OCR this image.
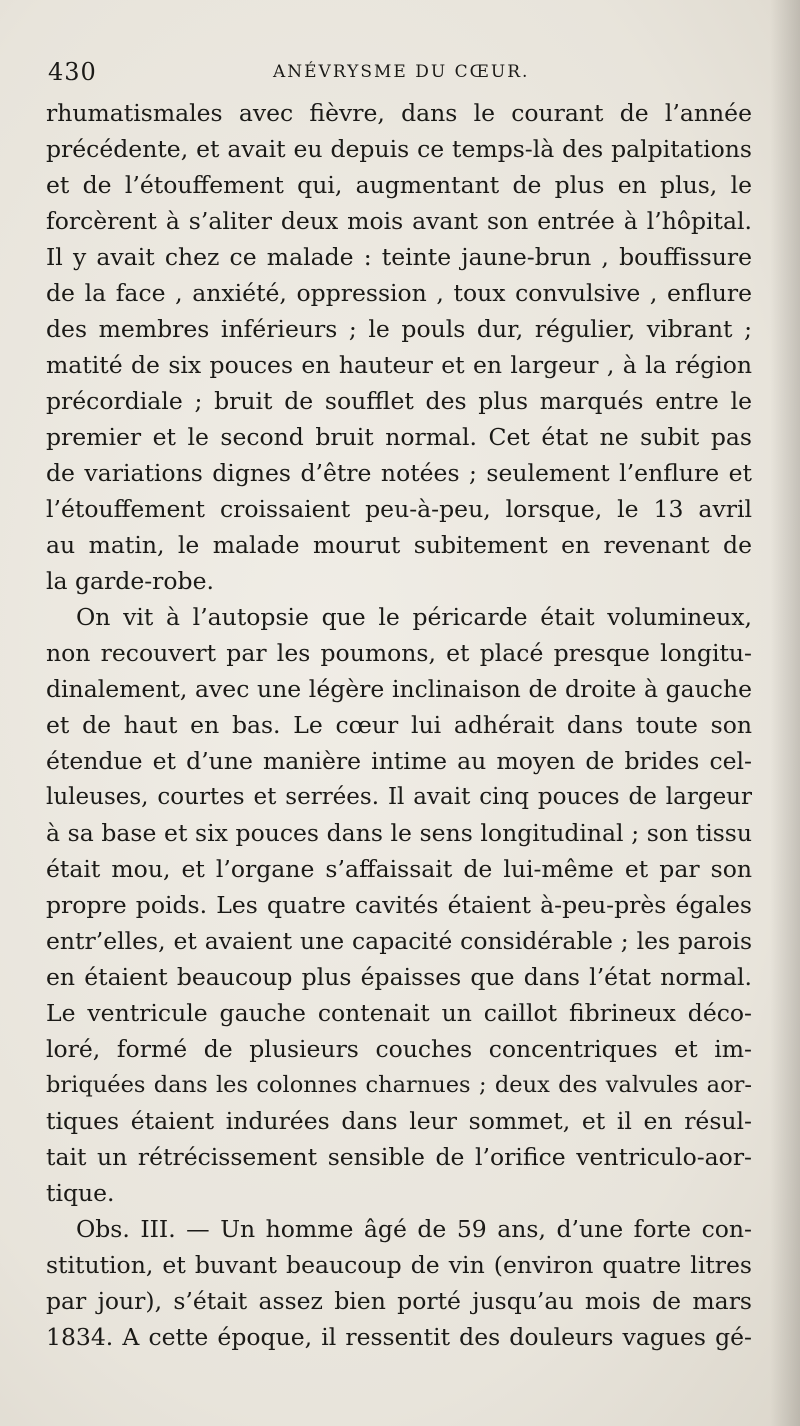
430	ANÉVRYSME DU CŒUR.
rhumatismales avec fièvre, dans le courant de l’année
précédente, et avait eu depuis ce temps-là des palpitations
et de l’étouffement qui, augmentant de plus en plus, le
forcèrent à s’aliter deux mois avant son entrée à l’hôpital.
Il y avait chez ce malade : teinte jaune-brun , bouffissure
de la face , anxiété, oppression , toux convulsive , enflure
des membres inférieurs ; le pouls dur, régulier, vibrant ;
matité de six pouces en hauteur et en largeur , à la région
précordiale ; bruit de soufflet des plus marqués entre le
premier et le second bruit normal. Cet état ne subit pas
de variations dignes d’être notées ; seulement l’enflure et
l’étouffement croissaient peu-à-peu, lorsque, le 13 avril
au matin, le malade mourut subitement en revenant de
la garde-robe.
On vit à l’autopsie que le péricarde était volumineux,
non recouvert par les poumons, et placé presque longitu-
dinalement, avec une légère inclinaison de droite à gauche
et de haut en bas. Le cœur lui adhérait dans toute son
étendue et d’une manière intime au moyen de brides cel-
luleuses, courtes et serrées. Il avait cinq pouces de largeur
à sa base et six pouces dans le sens longitudinal ; son tissu
était mou, et l’organe s’affaissait de lui-même et par son
propre poids. Les quatre cavités étaient à-peu-près égales
entr’elles, et avaient une capacité considérable ; les parois
en étaient beaucoup plus épaisses que dans l’état normal.
Le ventricule gauche contenait un caillot fibrineux déco-
loré, formé de plusieurs couches concentriques et im-
briquées dans les colonnes charnues ; deux des valvules aor-
tiques étaient indurées dans leur sommet, et il en résul-
tait un rétrécissement sensible de l’orifice ventriculo-aor-
tique.
Obs. III. — Un homme âgé de 59 ans, d’une forte con-
stitution, et buvant beaucoup de vin (environ quatre litres
par jour), s’était assez bien porté jusqu’au mois de mars
1834. A cette époque, il ressentit des douleurs vagues gé-
